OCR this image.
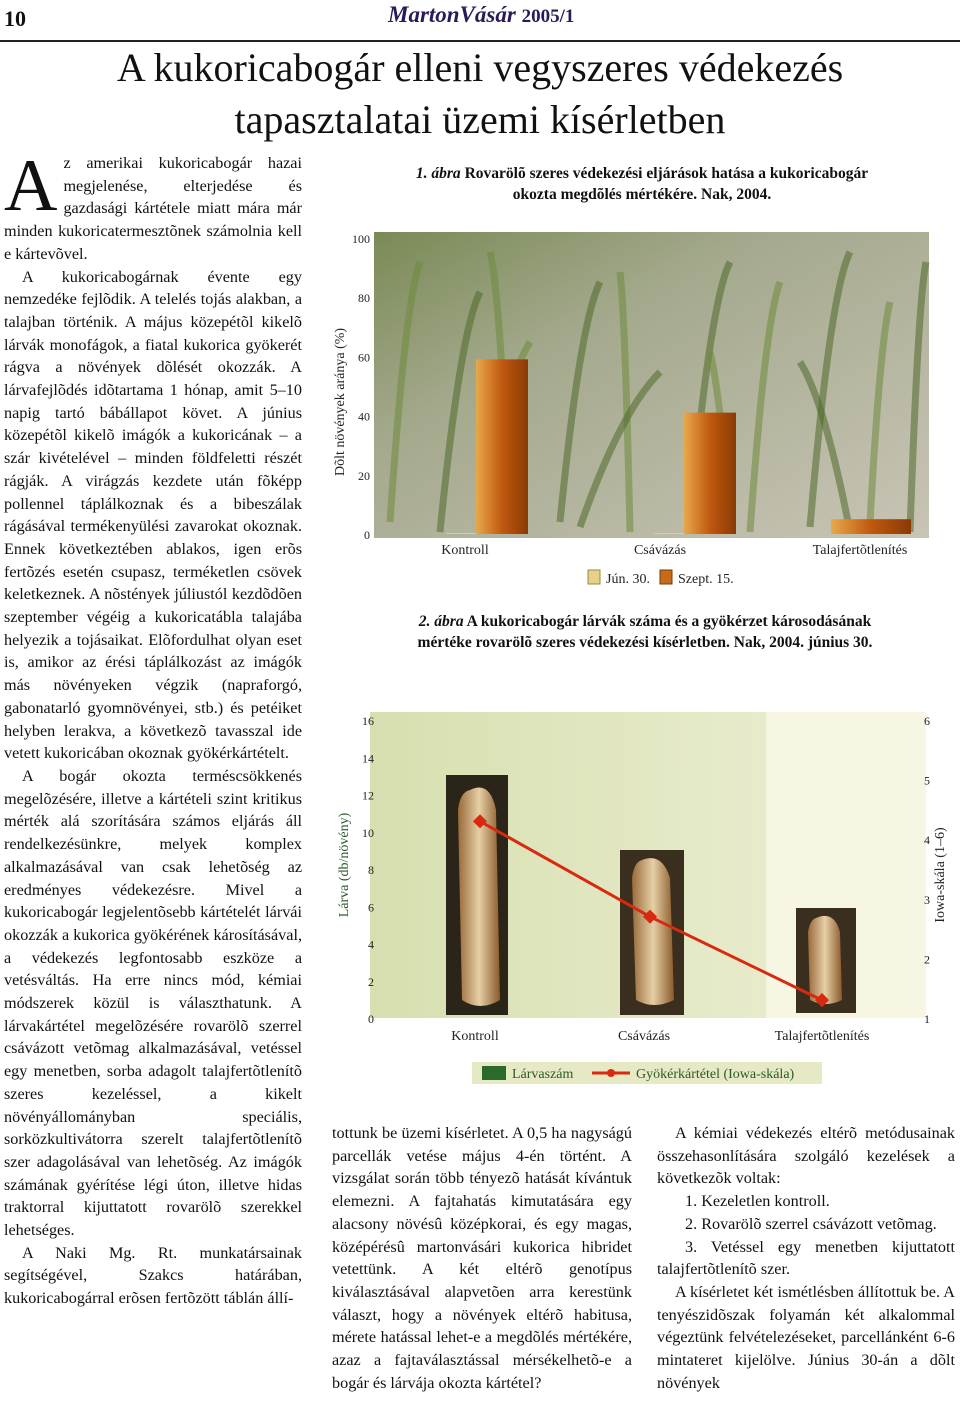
10	MartonVásár 2005/1
A kukoricabogár elleni vegyszeres védekezés
tapasztalatai üzemi kísérletben

Az amerikai kukoricabogár hazai megjelenése, elterjedése és gazdasági kártétele miatt mára már minden kukoricatermesztõnek számolnia kell e kártevõvel.

A kukoricabogárnak évente egy nemzedéke fejlõdik. A telelés tojás alakban, a talajban történik. A május közepétõl kikelõ lárvák monofágok, a fiatal kukorica gyökerét rágva a növények dõlését okozzák. A lárvafejlõdés idõtartama 1 hónap, amit 5–10 napig tartó bábállapot követ. A június közepétõl kikelõ imágók a kukoricának – a szár kivételével – minden földfeletti részét rágják. A virágzás kezdete után fõképp pollennel táplálkoznak és a bibeszálak rágásával termékenyülési zavarokat okoznak. Ennek következtében ablakos, igen erõs fertõzés esetén csupasz, terméketlen csövek keletkeznek. A nõstények júliustól kezdõdõen szeptember végéig a kukoricatábla talajába helyezik a tojásaikat. Elõfordulhat olyan eset is, amikor az érési táplálkozást az imágók más növényeken végzik (napraforgó, gabonatarló gyomnövényei, stb.) és petéiket helyben lerakva, a következõ tavasszal ide vetett kukoricában okoznak gyökérkártételt.

A bogár okozta terméscsökkenés megelõzésére, illetve a kártételi szint kritikus mérték alá szorítására számos eljárás áll rendelkezésünkre, melyek komplex alkalmazásával van csak lehetõség az eredményes védekezésre. Mivel a kukoricabogár legjelentõsebb kártételét lárvái okozzák a kukorica gyökérének károsításával, a védekezés legfontosabb eszköze a vetésváltás. Ha erre nincs mód, kémiai módszerek közül is választhatunk. A lárvakártétel megelõzésére rovarölõ szerrel csávázott vetõmag alkalmazásával, vetéssel egy menetben, sorba adagolt talajfertõtlenítõ szeres kezeléssel, a kikelt növényállományban speciális, sorközkultivátorra szerelt talajfertõtlenítõ szer adagolásával van lehetõség. Az imágók számának gyérítése légi úton, illetve hidas traktorral kijuttatott rovarölõ szerekkel lehetséges.

A Naki Mg. Rt. munkatársainak segítségével, Szakcs határában, kukoricabogárral erõsen fertõzött táblán állí-

1. ábra Rovarölõ szeres védekezési eljárások hatása a kukoricabogár okozta megdõlés mértékére. Nak, 2004.
0
20
40
60
80
100
Dõlt növények aránya (%)
Kontroll	Csávázás	Talajfertõtlenítés
Jún. 30. Szept. 15.
2. ábra A kukoricabogár lárvák száma és a gyökérzet károsodásának mértéke rovarölõ szeres védekezési kísérletben. Nak, 2004. június 30.
0
2
4
6
8
10
12
14
16
1
2
3
4
5
6
Lárva (db/növény)	Iowa-skála (1–6)
Kontroll	Csávázás	Talajfertõtlenítés
Lárvaszám	Gyökérkártétel (Iowa-skála)

tottunk be üzemi kísérletet. A 0,5 ha nagyságú parcellák vetése május 4-én történt. A vizsgálat során több tényezõ hatását kívántuk elemezni. A fajtahatás kimutatására egy alacsony növésû középkorai, és egy magas, középérésû martonvásári kukorica hibridet vetettünk. A két eltérõ genotípus kiválasztásával alapvetõen arra kerestünk választ, hogy a növények eltérõ habitusa, mérete hatással lehet-e a megdõlés mértékére, azaz a fajtaválasztással mérsékelhetõ-e a bogár és lárvája okozta kártétel?

A kémiai védekezés eltérõ metódusainak összehasonlítására szolgáló kezelések a következõk voltak:

1. Kezeletlen kontroll.

2. Rovarölõ szerrel csávázott vetõmag.

3. Vetéssel egy menetben kijuttatott talajfertõtlenítõ szer.

A kísérletet két ismétlésben állítottuk be. A tenyészidõszak folyamán két alkalommal végeztünk felvételezéseket, parcellánként 6-6 mintateret kijelölve. Június 30-án a dõlt növények
